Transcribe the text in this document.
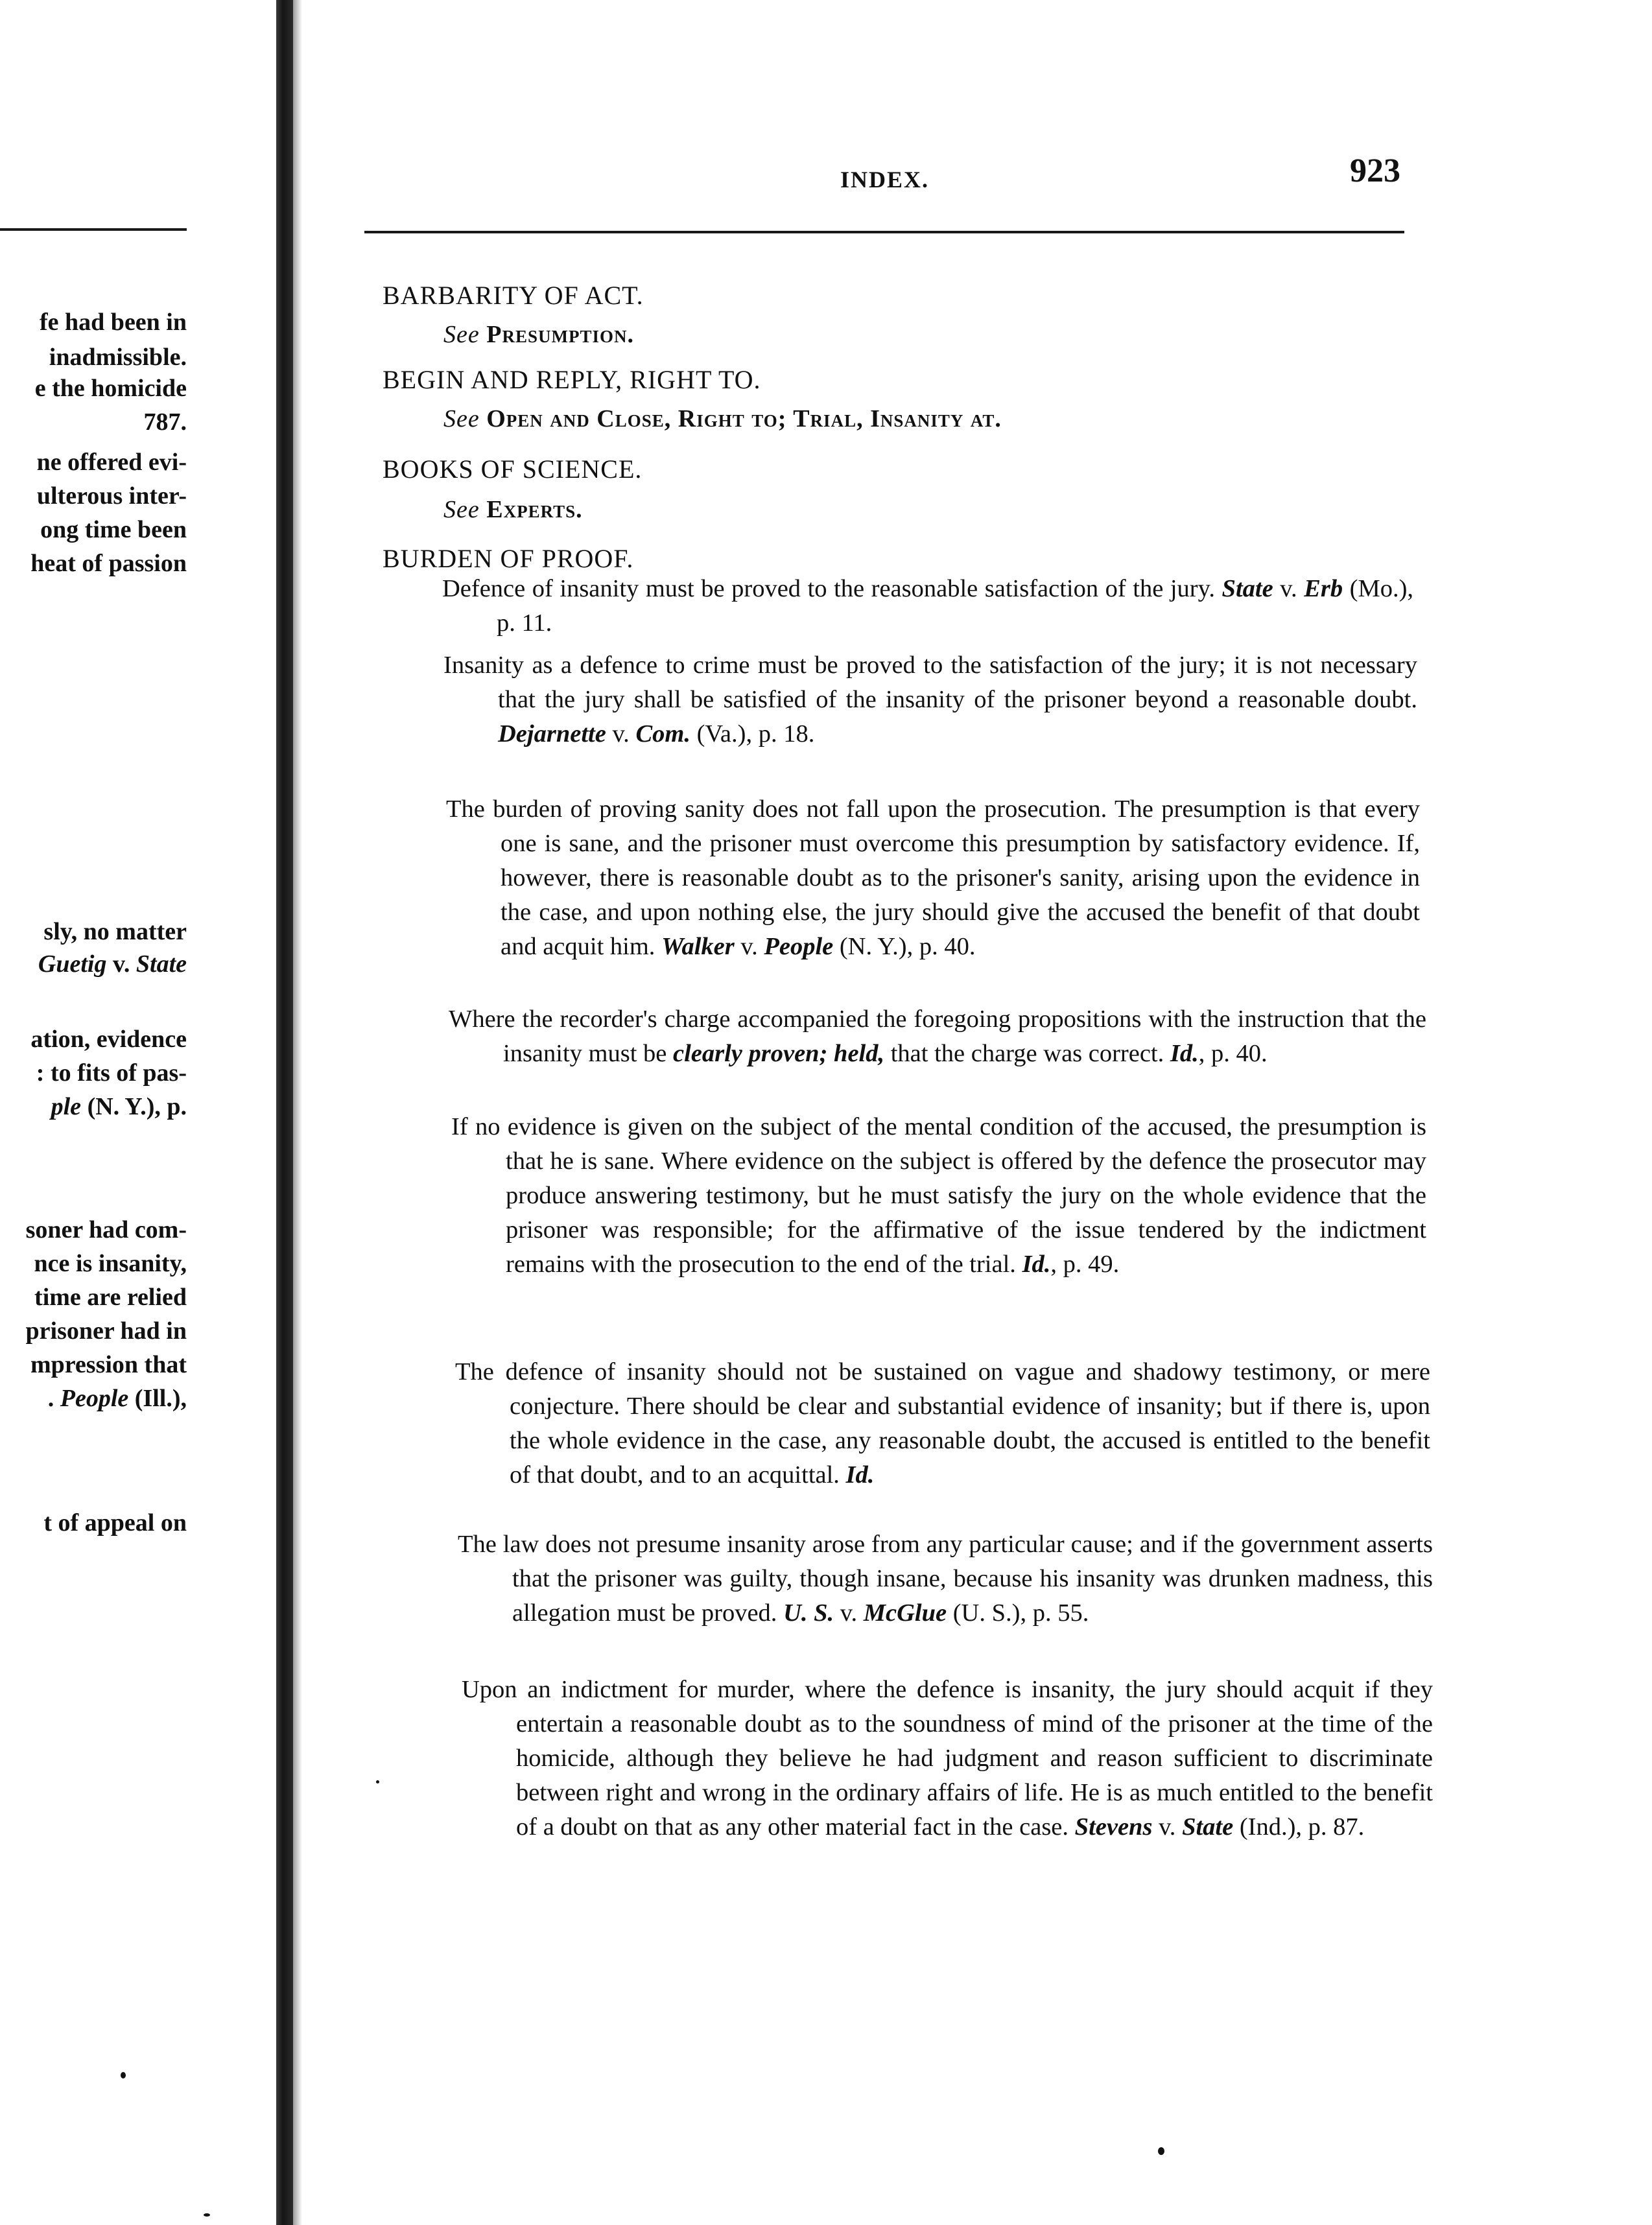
fe had been in
inadmissible.
e the homicide
787.
ne offered evi-
ulterous inter-
ong time been
heat of passion
sly, no matter
Guetig v. State
ation, evidence
: to fits of pas-
ple (N. Y.), p.
soner had com-
nce is insanity,
time are relied
prisoner had in
mpression that
. People (Ill.),
t of appeal on
INDEX.	923
BARBARITY OF ACT.
See Presumption.
BEGIN AND REPLY, RIGHT TO.
See Open and Close, Right to; Trial, Insanity at.
BOOKS OF SCIENCE.
See Experts.
BURDEN OF PROOF.
Defence of insanity must be proved to the reasonable satisfaction of the jury. State v. Erb (Mo.), p. 11.
Insanity as a defence to crime must be proved to the satisfaction of the jury; it is not necessary that the jury shall be satisfied of the insanity of the prisoner beyond a reasonable doubt. Dejarnette v. Com. (Va.), p. 18.
The burden of proving sanity does not fall upon the prosecution. The presumption is that every one is sane, and the prisoner must overcome this presumption by satisfactory evidence. If, however, there is reasonable doubt as to the prisoner's sanity, arising upon the evidence in the case, and upon nothing else, the jury should give the accused the benefit of that doubt and acquit him. Walker v. People (N. Y.), p. 40.
Where the recorder's charge accompanied the foregoing propositions with the instruction that the insanity must be clearly proven; held, that the charge was correct. Id., p. 40.
If no evidence is given on the subject of the mental condition of the accused, the presumption is that he is sane. Where evidence on the subject is offered by the defence the prosecutor may produce answering testimony, but he must satisfy the jury on the whole evidence that the prisoner was responsible; for the affirmative of the issue tendered by the indictment remains with the prosecution to the end of the trial. Id., p. 49.
The defence of insanity should not be sustained on vague and shadowy testimony, or mere conjecture. There should be clear and substantial evidence of insanity; but if there is, upon the whole evidence in the case, any reasonable doubt, the accused is entitled to the benefit of that doubt, and to an acquittal. Id.
The law does not presume insanity arose from any particular cause; and if the government asserts that the prisoner was guilty, though insane, because his insanity was drunken madness, this allegation must be proved. U. S. v. McGlue (U. S.), p. 55.
Upon an indictment for murder, where the defence is insanity, the jury should acquit if they entertain a reasonable doubt as to the soundness of mind of the prisoner at the time of the homicide, although they believe he had judgment and reason sufficient to discriminate between right and wrong in the ordinary affairs of life. He is as much entitled to the benefit of a doubt on that as any other material fact in the case. Stevens v. State (Ind.), p. 87.
